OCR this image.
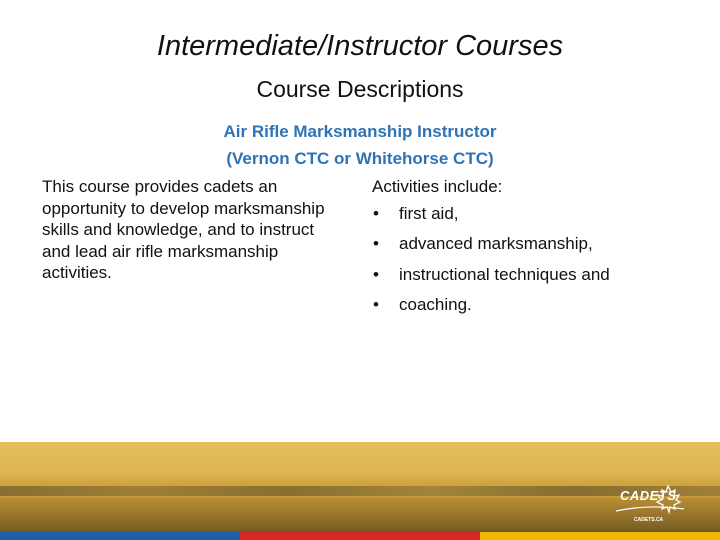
Intermediate/Instructor Courses
Course Descriptions
Air Rifle Marksmanship Instructor
(Vernon CTC or Whitehorse CTC)

This course provides cadets an opportunity to develop marksmanship skills and knowledge, and to instruct and lead air rifle marksmanship activities.

Activities include:

• first aid,
• advanced marksmanship,
• instructional techniques and
• coaching.
CADETS
CADETS.CA
